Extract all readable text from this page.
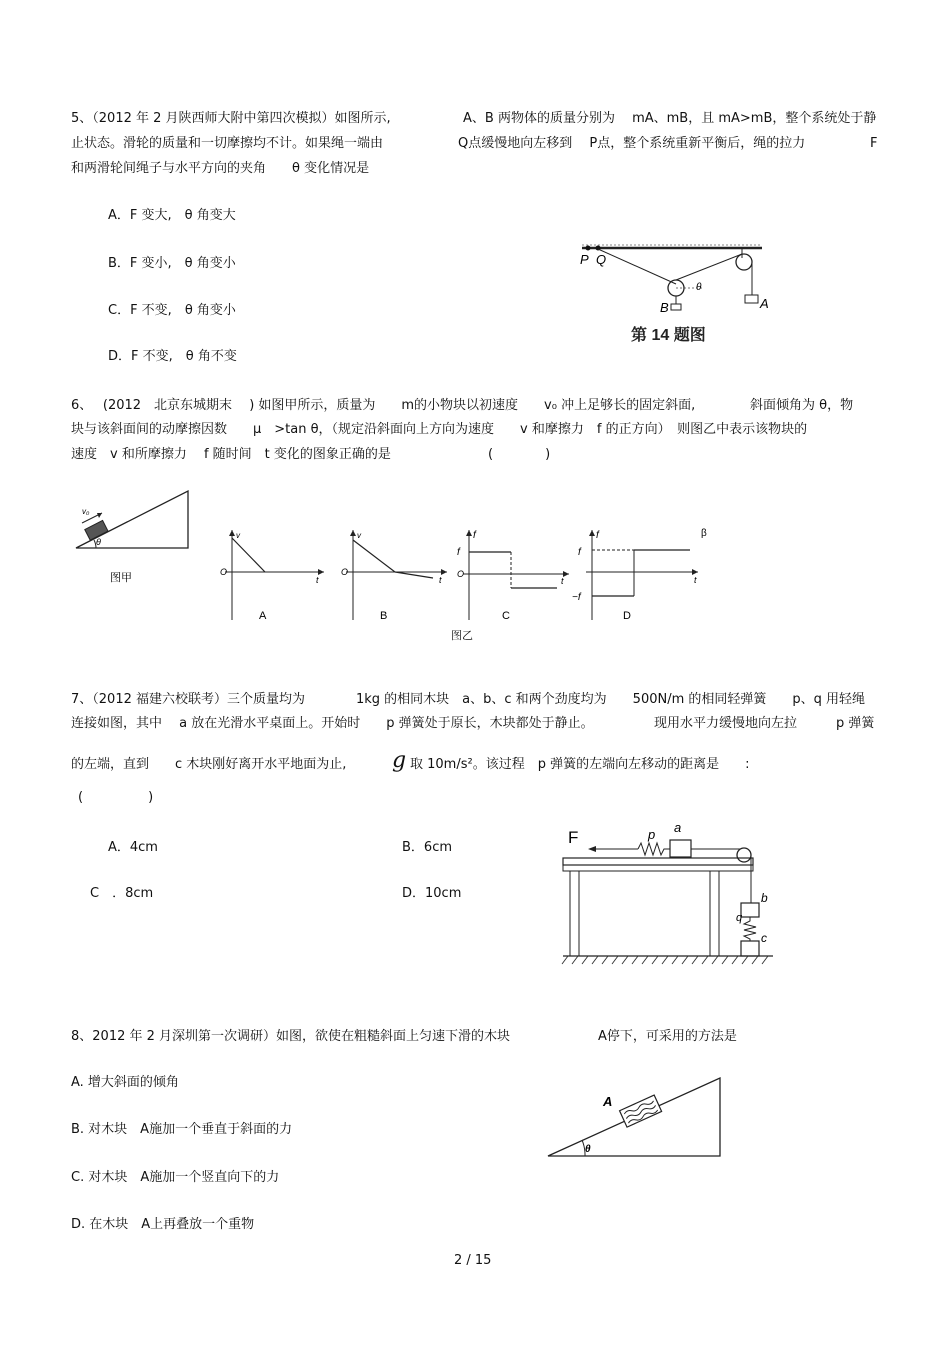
5、（2012 年 2 月陕西师大附中第四次模拟）如图所示,	A、B 两物体的质量分别为　 mA、mB，且 mA>mB，整个系统处于静
止状态。滑轮的质量和一切摩擦均不计。如果绳一端由	Q点缓慢地向左移到　 P点，整个系统重新平衡后，绳的拉力	F
和两滑轮间绳子与水平方向的夹角　　θ 变化情况是
A．F 变大,　θ 角变大
B．F 变小,　θ 角变小
C．F 不变,　θ 角变小
D．F 不变,　θ 角不变
P Q
θ
B	A
第 14 题图
6、　 (2012　北京东城期末　 ) 如图甲所示，质量为　　m的小物块以初速度　　v₀ 冲上足够长的固定斜面,	斜面倾角为 θ，物
块与该斜面间的动摩擦因数　　μ　>tan θ，（规定沿斜面向上方向为速度　　v 和摩擦力　f 的正方向）　则图乙中表示该物块的
速度　v 和所摩擦力　 f 随时间　t 变化的图象正确的是	(　　　　)
v₀
θ
图甲
v
O
t
A
v
O
t
B
f
f
O
t
C
f
f
−f
t
β
D
图乙
7、（2012 福建六校联考）三个质量均为	1kg 的相同木块　a、b、c 和两个劲度均为　　500N/m 的相同轻弹簧　　p、q 用轻绳
连接如图，其中　 a 放在光滑水平桌面上。开始时　　p 弹簧处于原长，木块都处于静止。	现用水平力缓慢地向左拉　　　p 弹簧
的左端，直到　　c 木块刚好离开水平地面为止, g 取 10m/s²。该过程　p 弹簧的左端向左移动的距离是　　:
(　　　　　)
A．4cm	B．6cm
C　．8cm	D．10cm
F	p a
b
q
c
8、2012 年 2 月深圳第一次调研）如图，欲使在粗糙斜面上匀速下滑的木块	A停下，可采用的方法是
A. 增大斜面的倾角
B. 对木块　A施加一个垂直于斜面的力
C. 对木块　A施加一个竖直向下的力
D. 在木块　A上再叠放一个重物
A
θ
2 / 15
